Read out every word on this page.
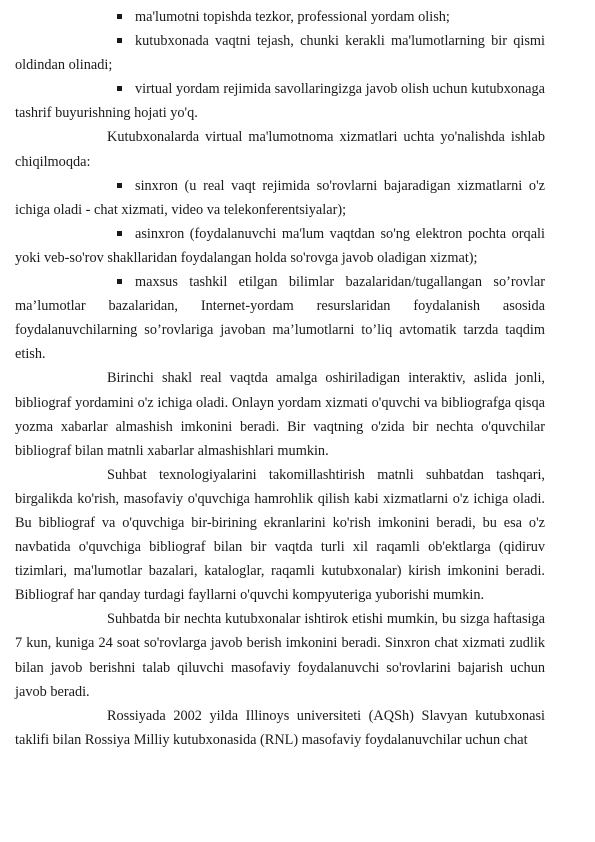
ma'lumotni topishda tezkor, professional yordam olish;

kutubxonada vaqtni tejash, chunki kerakli ma'lumotlarning bir qismi oldindan olinadi;

virtual yordam rejimida savollaringizga javob olish uchun kutubxonaga tashrif buyurishning hojati yo'q.

Kutubxonalarda virtual ma'lumotnoma xizmatlari uchta yo'nalishda ishlab chiqilmoqda:

sinxron (u real vaqt rejimida so'rovlarni bajaradigan xizmatlarni o'z ichiga oladi - chat xizmati, video va telekonferentsiyalar);

asinxron (foydalanuvchi ma'lum vaqtdan so'ng elektron pochta orqali yoki veb-so'rov shakllaridan foydalangan holda so'rovga javob oladigan xizmat);

maxsus tashkil etilgan bilimlar bazalaridan/tugallangan so’rovlar ma’lumotlar bazalaridan, Internet-yordam resurslaridan foydalanish asosida foydalanuvchilarning so’rovlariga javoban ma’lumotlarni to’liq avtomatik tarzda taqdim etish.

Birinchi shakl real vaqtda amalga oshiriladigan interaktiv, aslida jonli, bibliograf yordamini o'z ichiga oladi. Onlayn yordam xizmati o'quvchi va bibliografga qisqa yozma xabarlar almashish imkonini beradi. Bir vaqtning o'zida bir nechta o'quvchilar bibliograf bilan matnli xabarlar almashishlari mumkin.

Suhbat texnologiyalarini takomillashtirish matnli suhbatdan tashqari, birgalikda ko'rish, masofaviy o'quvchiga hamrohlik qilish kabi xizmatlarni o'z ichiga oladi. Bu bibliograf va o'quvchiga bir-birining ekranlarini ko'rish imkonini beradi, bu esa o'z navbatida o'quvchiga bibliograf bilan bir vaqtda turli xil raqamli ob'ektlarga (qidiruv tizimlari, ma'lumotlar bazalari, kataloglar, raqamli kutubxonalar) kirish imkonini beradi. Bibliograf har qanday turdagi fayllarni o'quvchi kompyuteriga yuborishi mumkin.

Suhbatda bir nechta kutubxonalar ishtirok etishi mumkin, bu sizga haftasiga 7 kun, kuniga 24 soat so'rovlarga javob berish imkonini beradi. Sinxron chat xizmati zudlik bilan javob berishni talab qiluvchi masofaviy foydalanuvchi so'rovlarini bajarish uchun javob beradi.

Rossiyada 2002 yilda Illinoys universiteti (AQSh) Slavyan kutubxonasi taklifi bilan Rossiya Milliy kutubxonasida (RNL) masofaviy foydalanuvchilar uchun chat
